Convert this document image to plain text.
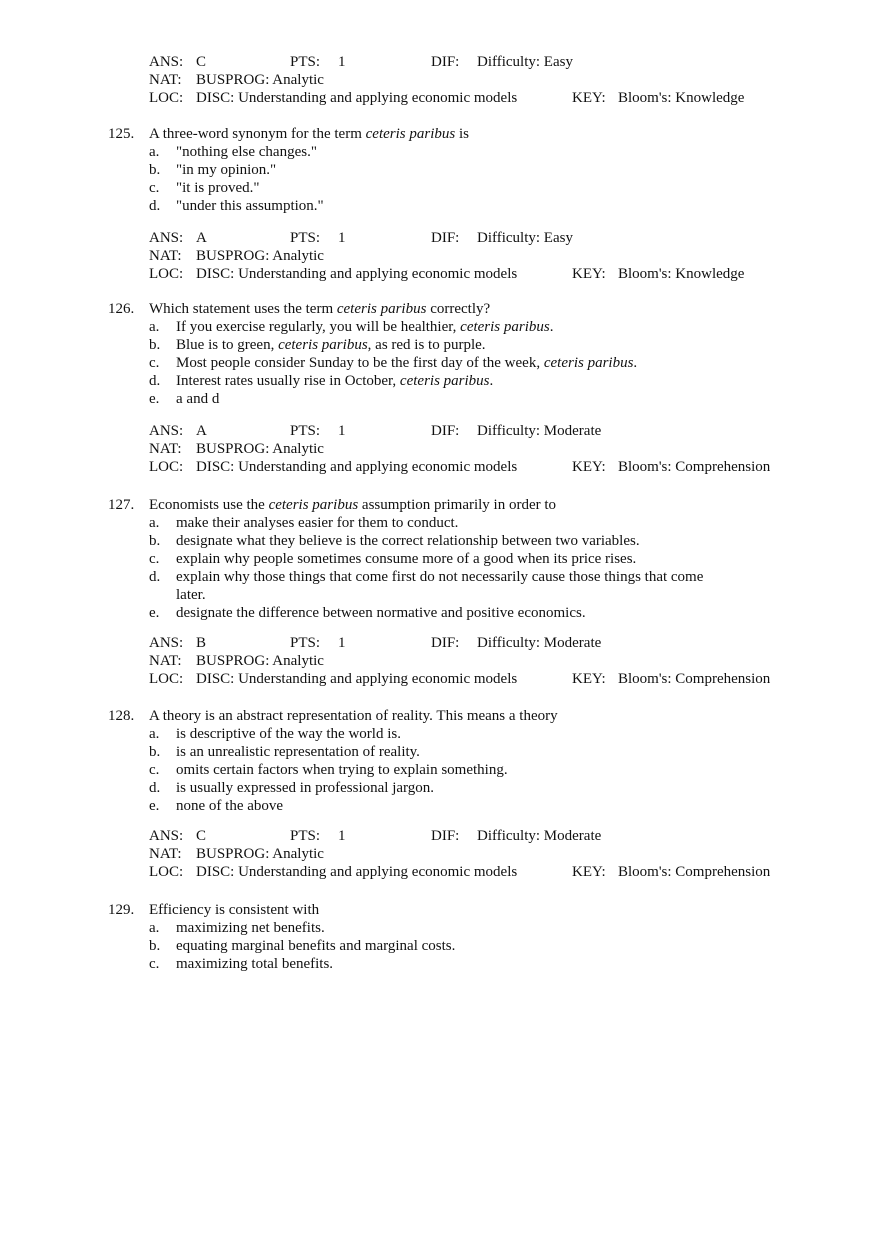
ANS: C	PTS: 1	DIF: Difficulty: Easy
NAT: BUSPROG: Analytic
LOC: DISC: Understanding and applying economic models	KEY: Bloom's: Knowledge
125. A three-word synonym for the term ceteris paribus is
a. "nothing else changes."
b. "in my opinion."
c. "it is proved."
d. "under this assumption."
ANS: A	PTS: 1	DIF: Difficulty: Easy
NAT: BUSPROG: Analytic
LOC: DISC: Understanding and applying economic models	KEY: Bloom's: Knowledge
126. Which statement uses the term ceteris paribus correctly?
a. If you exercise regularly, you will be healthier, ceteris paribus.
b. Blue is to green, ceteris paribus, as red is to purple.
c. Most people consider Sunday to be the first day of the week, ceteris paribus.
d. Interest rates usually rise in October, ceteris paribus.
e. a and d
ANS: A	PTS: 1	DIF: Difficulty: Moderate
NAT: BUSPROG: Analytic
LOC: DISC: Understanding and applying economic models	KEY: Bloom's: Comprehension
127. Economists use the ceteris paribus assumption primarily in order to
a. make their analyses easier for them to conduct.
b. designate what they believe is the correct relationship between two variables.
c. explain why people sometimes consume more of a good when its price rises.
d. explain why those things that come first do not necessarily cause those things that come
later.
e. designate the difference between normative and positive economics.
ANS: B	PTS: 1	DIF: Difficulty: Moderate
NAT: BUSPROG: Analytic
LOC: DISC: Understanding and applying economic models	KEY: Bloom's: Comprehension
128. A theory is an abstract representation of reality. This means a theory
a. is descriptive of the way the world is.
b. is an unrealistic representation of reality.
c. omits certain factors when trying to explain something.
d. is usually expressed in professional jargon.
e. none of the above
ANS: C	PTS: 1	DIF: Difficulty: Moderate
NAT: BUSPROG: Analytic
LOC: DISC: Understanding and applying economic models	KEY: Bloom's: Comprehension
129. Efficiency is consistent with
a. maximizing net benefits.
b. equating marginal benefits and marginal costs.
c. maximizing total benefits.
